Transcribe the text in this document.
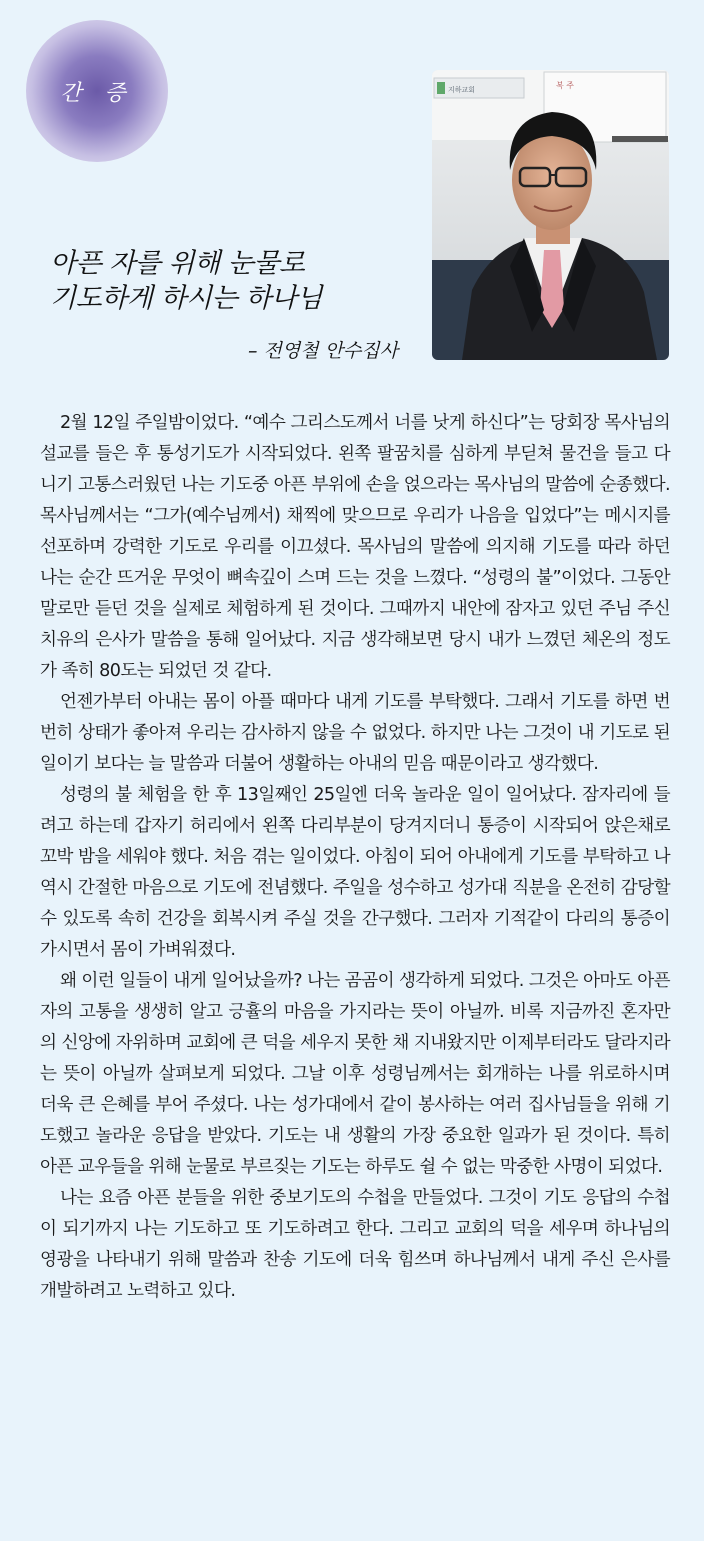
간 증
아픈 자를 위해 눈물로
기도하게 하시는 하나님
– 전영철 안수집사
지하교회	복 주

2월 12일 주일밤이었다. “예수 그리스도께서 너를 낫게 하신다”는 당회장 목사님의 설교를 들은 후 통성기도가 시작되었다. 왼쪽 팔꿈치를 심하게 부딛쳐 물건을 들고 다니기 고통스러웠던 나는 기도중 아픈 부위에 손을 얹으라는 목사님의 말씀에 순종했다. 목사님께서는 “그가(예수님께서) 채찍에 맞으므로 우리가 나음을 입었다”는 메시지를 선포하며 강력한 기도로 우리를 이끄셨다. 목사님의 말씀에 의지해 기도를 따라 하던 나는 순간 뜨거운 무엇이 뼈속깊이 스며 드는 것을 느꼈다. “성령의 불”이었다. 그동안 말로만 듣던 것을 실제로 체험하게 된 것이다. 그때까지 내안에 잠자고 있던 주님 주신 치유의 은사가 말씀을 통해 일어났다. 지금 생각해보면 당시 내가 느꼈던 체온의 정도가 족히 80도는 되었던 것 같다.

언젠가부터 아내는 몸이 아플 때마다 내게 기도를 부탁했다. 그래서 기도를 하면 번번히 상태가 좋아져 우리는 감사하지 않을 수 없었다. 하지만 나는 그것이 내 기도로 된 일이기 보다는 늘 말씀과 더불어 생활하는 아내의 믿음 때문이라고 생각했다.

성령의 불 체험을 한 후 13일째인 25일엔 더욱 놀라운 일이 일어났다. 잠자리에 들려고 하는데 갑자기 허리에서 왼쪽 다리부분이 당겨지더니 통증이 시작되어 앉은채로 꼬박 밤을 세워야 했다. 처음 겪는 일이었다. 아침이 되어 아내에게 기도를 부탁하고 나 역시 간절한 마음으로 기도에 전념했다. 주일을 성수하고 성가대 직분을 온전히 감당할 수 있도록 속히 건강을 회복시켜 주실 것을 간구했다. 그러자 기적같이 다리의 통증이 가시면서 몸이 가벼워졌다.

왜 이런 일들이 내게 일어났을까? 나는 곰곰이 생각하게 되었다. 그것은 아마도 아픈 자의 고통을 생생히 알고 긍휼의 마음을 가지라는 뜻이 아닐까. 비록 지금까진 혼자만의 신앙에 자위하며 교회에 큰 덕을 세우지 못한 채 지내왔지만 이제부터라도 달라지라는 뜻이 아닐까 살펴보게 되었다. 그날 이후 성령님께서는 회개하는 나를 위로하시며 더욱 큰 은혜를 부어 주셨다. 나는 성가대에서 같이 봉사하는 여러 집사님들을 위해 기도했고 놀라운 응답을 받았다. 기도는 내 생활의 가장 중요한 일과가 된 것이다. 특히 아픈 교우들을 위해 눈물로 부르짖는 기도는 하루도 쉴 수 없는 막중한 사명이 되었다.

나는 요즘 아픈 분들을 위한 중보기도의 수첩을 만들었다. 그것이 기도 응답의 수첩이 되기까지 나는 기도하고 또 기도하려고 한다. 그리고 교회의 덕을 세우며 하나님의 영광을 나타내기 위해 말씀과 찬송 기도에 더욱 힘쓰며 하나님께서 내게 주신 은사를 개발하려고 노력하고 있다.
